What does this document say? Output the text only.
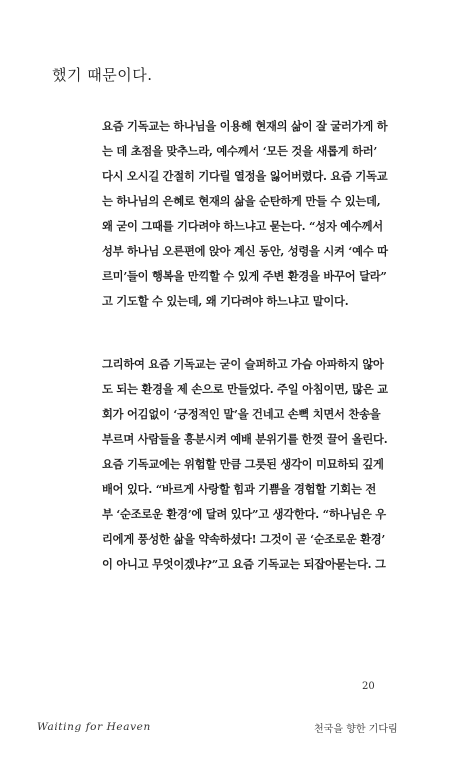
했기 때문이다.
요즘 기독교는 하나님을 이용해 현재의 삶이 잘 굴러가게 하
는 데 초점을 맞추느라, 예수께서 ‘모든 것을 새롭게 하러’
다시 오시길 간절히 기다릴 열정을 잃어버렸다. 요즘 기독교
는 하나님의 은혜로 현재의 삶을 순탄하게 만들 수 있는데,
왜 굳이 그때를 기다려야 하느냐고 묻는다. “성자 예수께서
성부 하나님 오른편에 앉아 계신 동안, 성령을 시켜 ‘예수 따
르미’들이 행복을 만끽할 수 있게 주변 환경을 바꾸어 달라”
고 기도할 수 있는데, 왜 기다려야 하느냐고 말이다.
그리하여 요즘 기독교는 굳이 슬퍼하고 가슴 아파하지 않아
도 되는 환경을 제 손으로 만들었다. 주일 아침이면, 많은 교
회가 어김없이 ‘긍정적인 말’을 건네고 손뼉 치면서 찬송을
부르며 사람들을 흥분시켜 예배 분위기를 한껏 끌어 올린다.
요즘 기독교에는 위험할 만큼 그릇된 생각이 미묘하되 깊게
배어 있다. “바르게 사랑할 힘과 기쁨을 경험할 기회는 전
부 ‘순조로운 환경’에 달려 있다”고 생각한다. “하나님은 우
리에게 풍성한 삶을 약속하셨다! 그것이 곧 ‘순조로운 환경’
이 아니고 무엇이겠냐?”고 요즘 기독교는 되잡아묻는다. 그
20
Waiting for Heaven	천국을 향한 기다림
